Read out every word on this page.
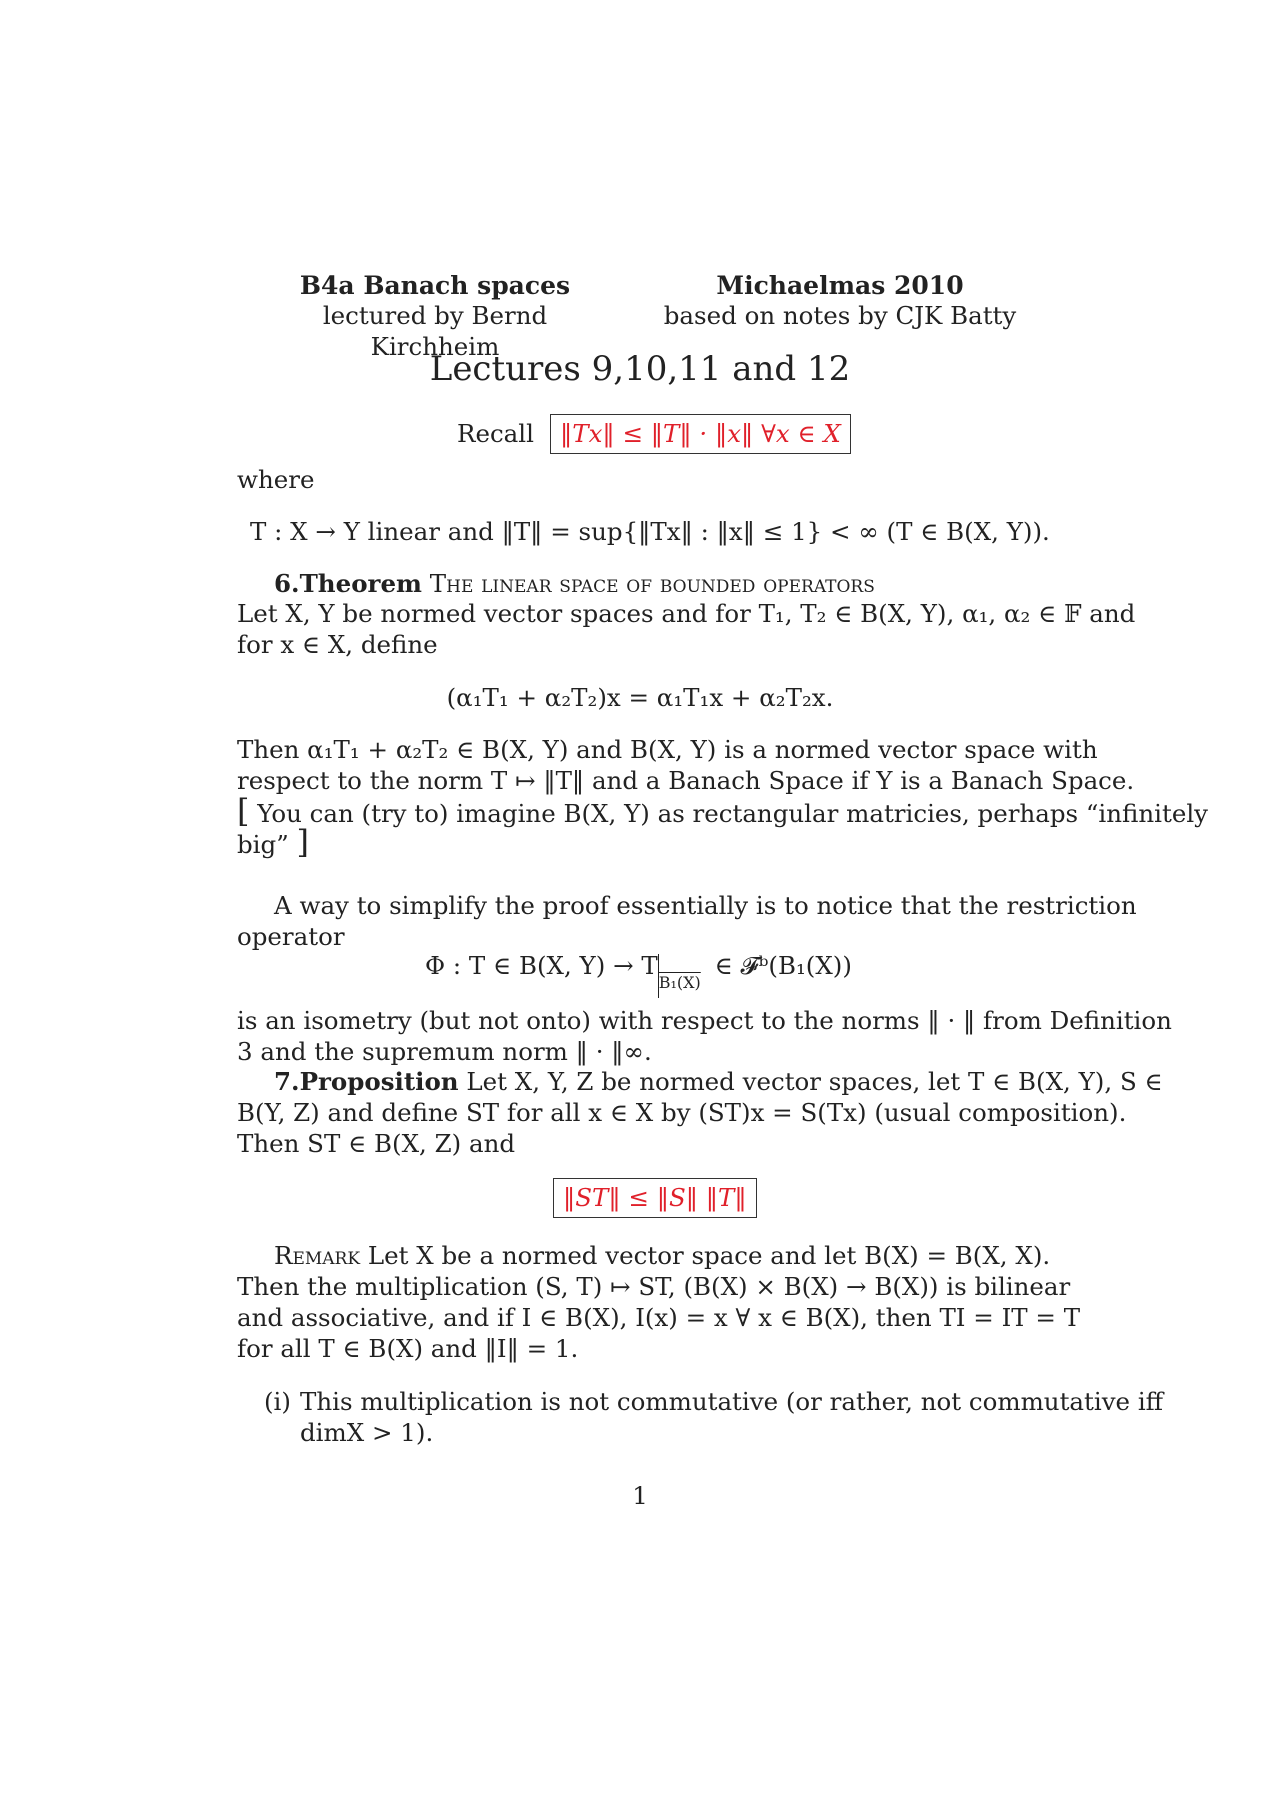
B4a Banach spaces
lectured by Bernd Kirchheim
Michaelmas 2010
based on notes by CJK Batty
Lectures 9,10,11 and 12
Recall	‖Tx‖ ≤ ‖T‖ · ‖x‖ ∀x ∈ X
where
T : X → Y linear and ‖T‖ = sup{‖Tx‖ : ‖x‖ ≤ 1} < ∞ (T ∈ B(X, Y)).
6.Theorem The linear space of bounded operators
Let X, Y be normed vector spaces and for T₁, T₂ ∈ B(X, Y), α₁, α₂ ∈ 𝔽 and
for x ∈ X, define
(α₁T₁ + α₂T₂)x = α₁T₁x + α₂T₂x.
Then α₁T₁ + α₂T₂ ∈ B(X, Y) and B(X, Y) is a normed vector space with
respect to the norm T ↦ ‖T‖ and a Banach Space if Y is a Banach Space.
[ You can (try to) imagine B(X, Y) as rectangular matricies, perhaps “infinitely
big” ]
A way to simplify the proof essentially is to notice that the restriction
operator
Φ : T ∈ B(X, $Y) \to T_{B_1(X)}$ ∈ 𝓕ᵇ(B₁(X))
is an isometry (but not onto) with respect to the norms ‖ · ‖ from Definition
3 and the supremum norm ‖ · ‖∞.
7.Proposition Let X, Y, Z be normed vector spaces, let T ∈ B(X, Y), S ∈
B(Y, Z) and define ST for all x ∈ X by (ST)x = S(Tx) (usual composition).
Then ST ∈ B(X, Z) and
‖ST‖ ≤ ‖S‖ ‖T‖
Remark Let X be a normed vector space and let B(X) = B(X, X).
Then the multiplication (S, T) ↦ ST, (B(X) × B(X) → B(X)) is bilinear
and associative, and if I ∈ B(X), I(x) = x ∀ x ∈ B(X), then TI = IT = T
for all T ∈ B(X) and ‖I‖ = 1.
(i) This multiplication is not commutative (or rather, not commutative iff
dimX > 1).
1
